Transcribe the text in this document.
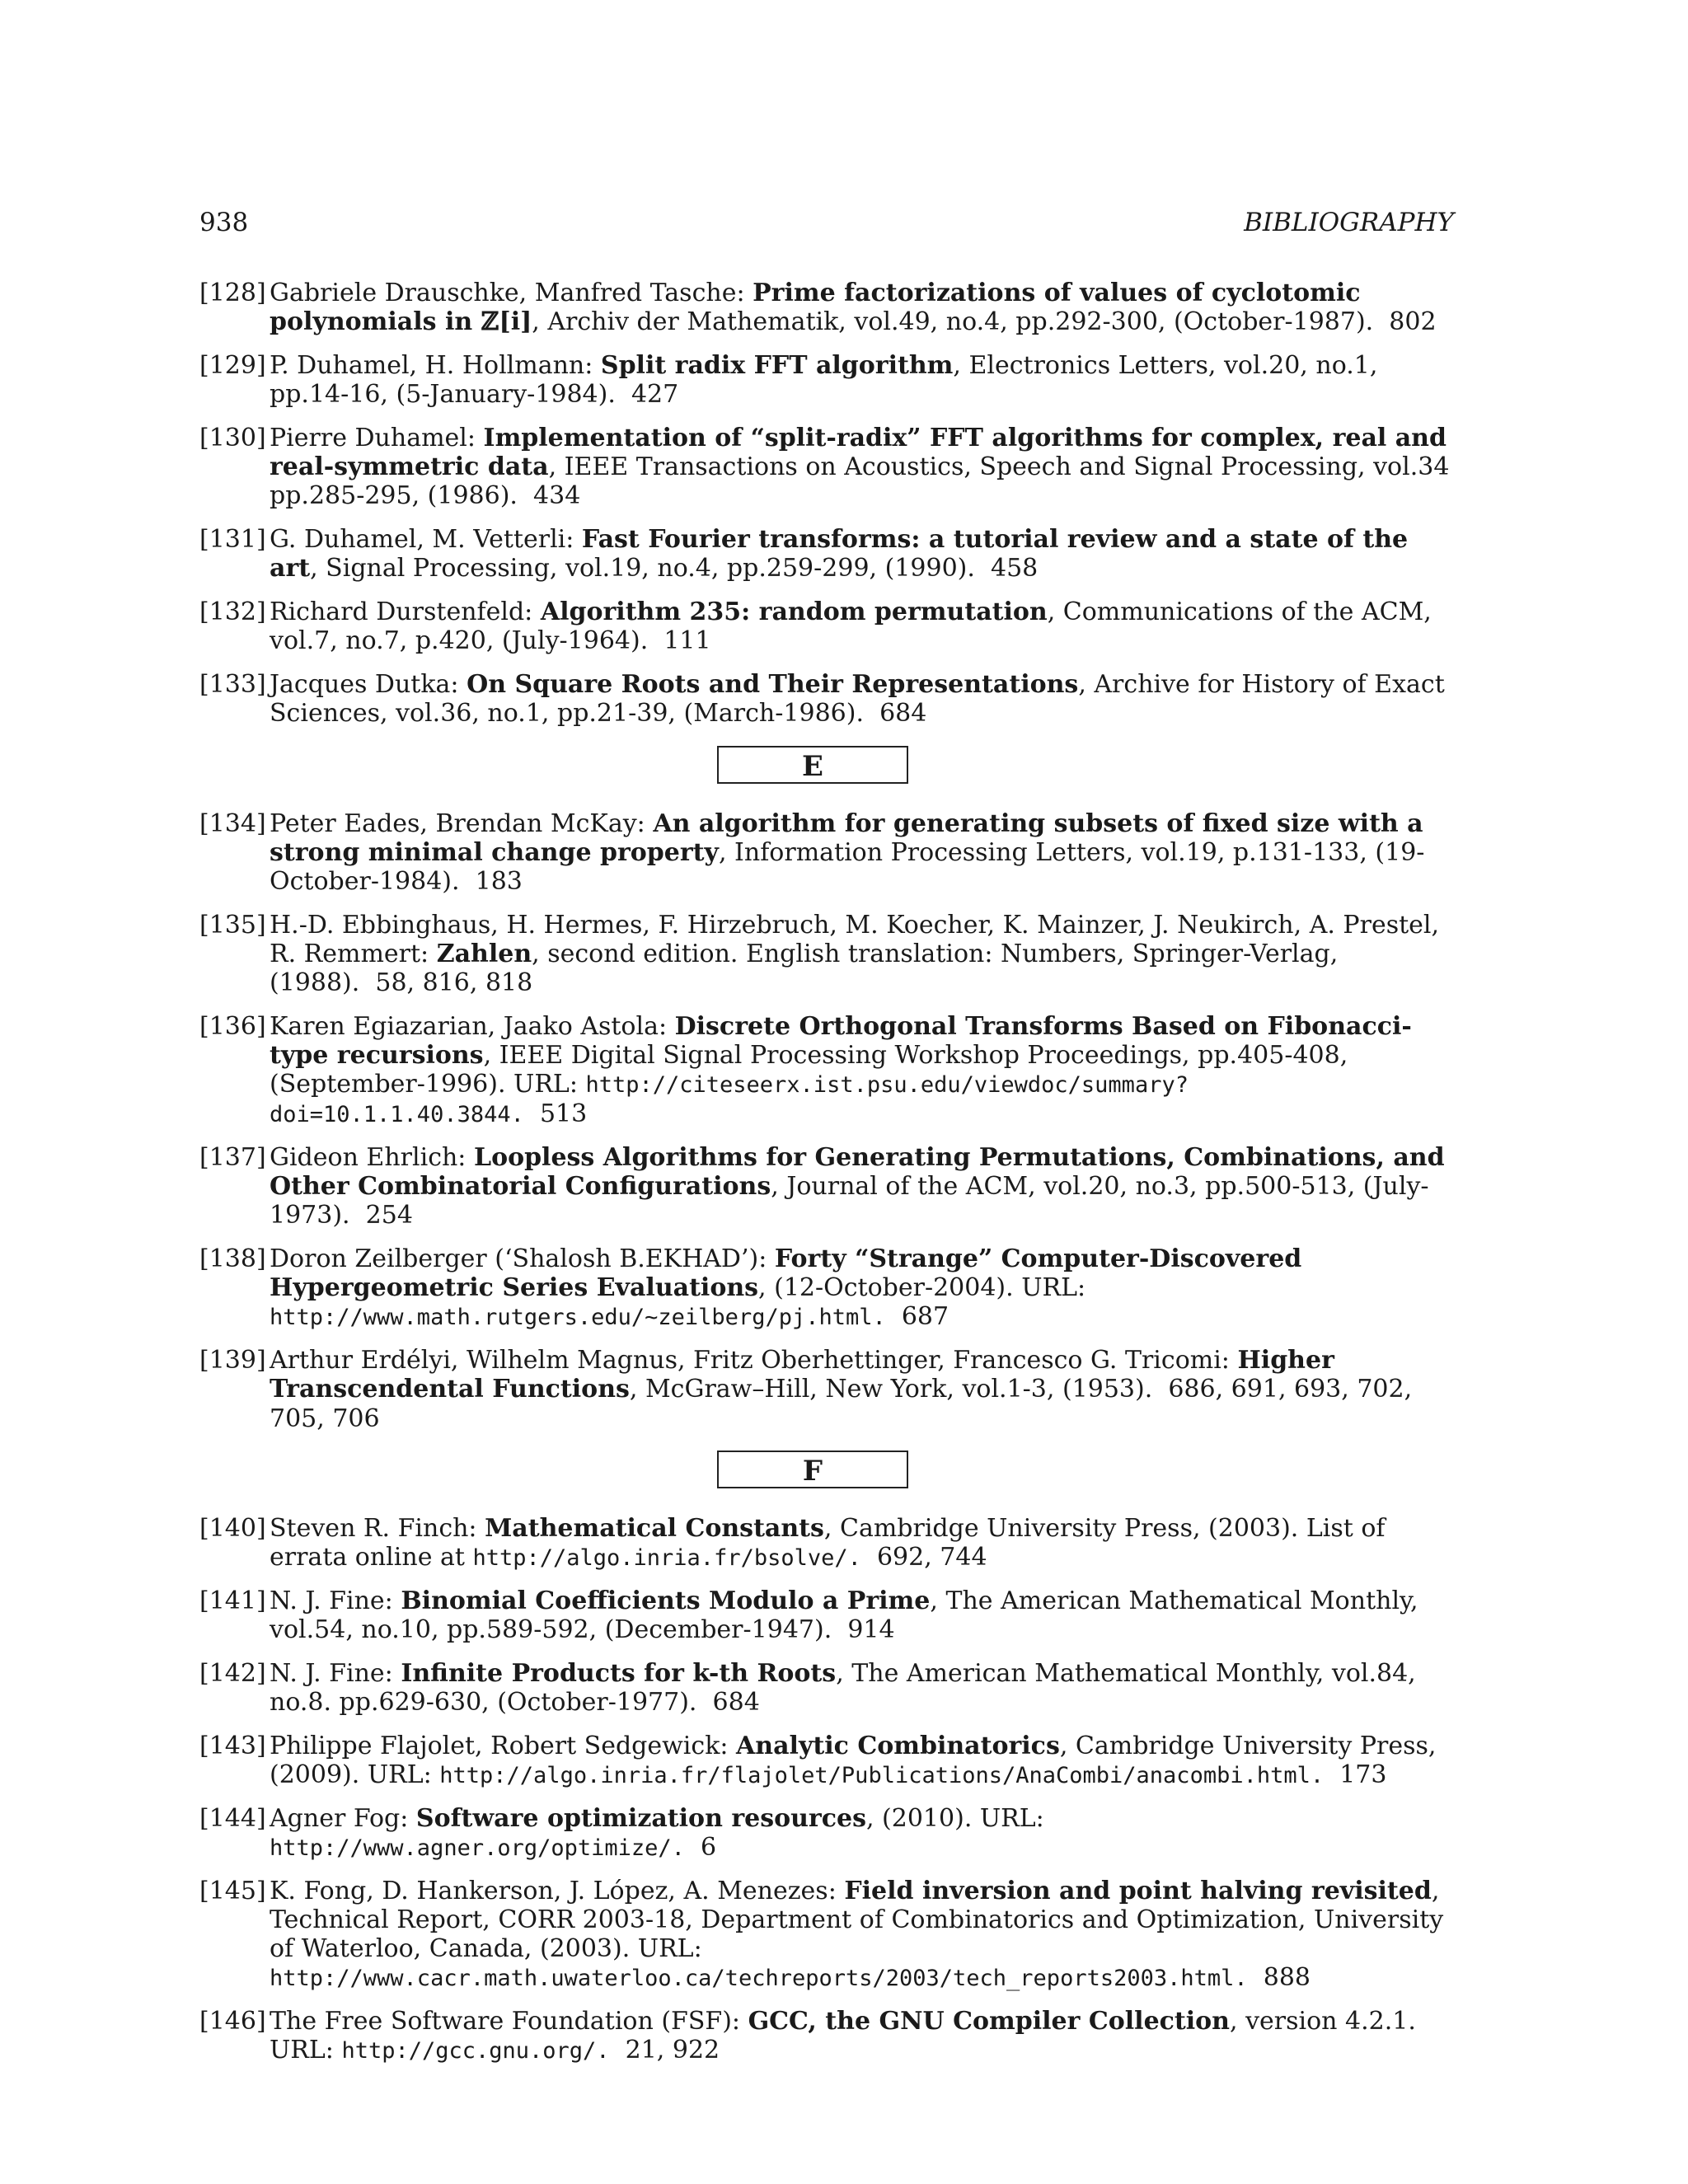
938	BIBLIOGRAPHY
[128] Gabriele Drauschke, Manfred Tasche: Prime factorizations of values of cyclotomic polynomials in ℤ[i], Archiv der Mathematik, vol.49, no.4, pp.292-300, (October-1987). 802
[129] P. Duhamel, H. Hollmann: Split radix FFT algorithm, Electronics Letters, vol.20, no.1, pp.14-16, (5-January-1984). 427
[130] Pierre Duhamel: Implementation of “split-radix” FFT algorithms for complex, real and real-symmetric data, IEEE Transactions on Acoustics, Speech and Signal Processing, vol.34 pp.285-295, (1986). 434
[131] G. Duhamel, M. Vetterli: Fast Fourier transforms: a tutorial review and a state of the art, Signal Processing, vol.19, no.4, pp.259-299, (1990). 458
[132] Richard Durstenfeld: Algorithm 235: random permutation, Communications of the ACM, vol.7, no.7, p.420, (July-1964). 111
[133] Jacques Dutka: On Square Roots and Their Representations, Archive for History of Exact Sciences, vol.36, no.1, pp.21-39, (March-1986). 684
E
[134] Peter Eades, Brendan McKay: An algorithm for generating subsets of fixed size with a strong minimal change property, Information Processing Letters, vol.19, p.131-133, (19-October-1984). 183
[135] H.-D. Ebbinghaus, H. Hermes, F. Hirzebruch, M. Koecher, K. Mainzer, J. Neukirch, A. Prestel, R. Remmert: Zahlen, second edition. English translation: Numbers, Springer-Verlag, (1988). 58, 816, 818
[136] Karen Egiazarian, Jaako Astola: Discrete Orthogonal Transforms Based on Fibonacci-type recursions, IEEE Digital Signal Processing Workshop Proceedings, pp.405-408, (September-1996). URL: http://citeseerx.ist.psu.edu/viewdoc/summary?doi=10.1.1.40.3844. 513
[137] Gideon Ehrlich: Loopless Algorithms for Generating Permutations, Combinations, and Other Combinatorial Configurations, Journal of the ACM, vol.20, no.3, pp.500-513, (July-1973). 254
[138] Doron Zeilberger (‘Shalosh B.EKHAD’): Forty “Strange” Computer-Discovered Hypergeometric Series Evaluations, (12-October-2004). URL: http://www.math.rutgers.edu/~zeilberg/pj.html. 687
[139] Arthur Erdélyi, Wilhelm Magnus, Fritz Oberhettinger, Francesco G. Tricomi: Higher Transcendental Functions, McGraw–Hill, New York, vol.1-3, (1953). 686, 691, 693, 702, 705, 706
F
[140] Steven R. Finch: Mathematical Constants, Cambridge University Press, (2003). List of errata online at http://algo.inria.fr/bsolve/. 692, 744
[141] N. J. Fine: Binomial Coefficients Modulo a Prime, The American Mathematical Monthly, vol.54, no.10, pp.589-592, (December-1947). 914
[142] N. J. Fine: Infinite Products for k-th Roots, The American Mathematical Monthly, vol.84, no.8. pp.629-630, (October-1977). 684
[143] Philippe Flajolet, Robert Sedgewick: Analytic Combinatorics, Cambridge University Press, (2009). URL: http://algo.inria.fr/flajolet/Publications/AnaCombi/anacombi.html. 173
[144] Agner Fog: Software optimization resources, (2010). URL: http://www.agner.org/optimize/. 6
[145] K. Fong, D. Hankerson, J. López, A. Menezes: Field inversion and point halving revisited, Technical Report, CORR 2003-18, Department of Combinatorics and Optimization, University of Waterloo, Canada, (2003). URL: http://www.cacr.math.uwaterloo.ca/techreports/2003/tech_reports2003.html. 888
[146] The Free Software Foundation (FSF): GCC, the GNU Compiler Collection, version 4.2.1. URL: http://gcc.gnu.org/. 21, 922
